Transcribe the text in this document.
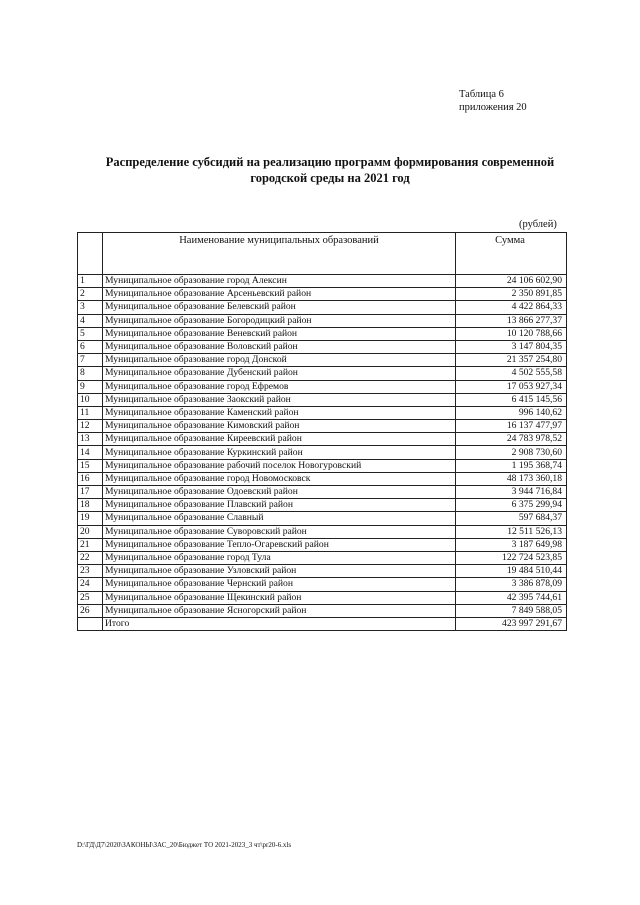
Таблица 6
приложения 20
Распределение субсидий на реализацию программ формирования современной
городской среды на 2021 год
(рублей)
	Наименование муниципальных образований	Сумма
1	Муниципальное образование город Алексин	24 106 602,90
2	Муниципальное образование Арсеньевский район	2 350 891,85
3	Муниципальное образование Белевский район	4 422 864,33
4	Муниципальное образование Богородицкий район	13 866 277,37
5	Муниципальное образование Веневский район	10 120 788,66
6	Муниципальное образование Воловский район	3 147 804,35
7	Муниципальное образование город Донской	21 357 254,80
8	Муниципальное образование Дубенский район	4 502 555,58
9	Муниципальное образование город Ефремов	17 053 927,34
10	Муниципальное образование Заокский район	6 415 145,56
11	Муниципальное образование Каменский район	996 140,62
12	Муниципальное образование Кимовский район	16 137 477,97
13	Муниципальное образование Киреевский район	24 783 978,52
14	Муниципальное образование Куркинский район	2 908 730,60
15	Муниципальное образование рабочий поселок Новогуровский	1 195 368,74
16	Муниципальное образование город Новомосковск	48 173 360,18
17	Муниципальное образование Одоевский район	3 944 716,84
18	Муниципальное образование Плавский район	6 375 299,94
19	Муниципальное образование Славный	597 684,37
20	Муниципальное образование Суворовский район	12 511 526,13
21	Муниципальное образование Тепло-Огаревский район	3 187 649,98
22	Муниципальное образование город Тула	122 724 523,85
23	Муниципальное образование Узловский район	19 484 510,44
24	Муниципальное образование Чернский район	3 386 878,09
25	Муниципальное образование Щекинский район	42 395 744,61
26	Муниципальное образование Ясногорский район	7 849 588,05
	Итого	423 997 291,67
D:\ГД\Д7\2020\ЗАКОНЫ\ЗАС_20\Бюджет ТО 2021-2023_3 чт\pr20-6.xls
